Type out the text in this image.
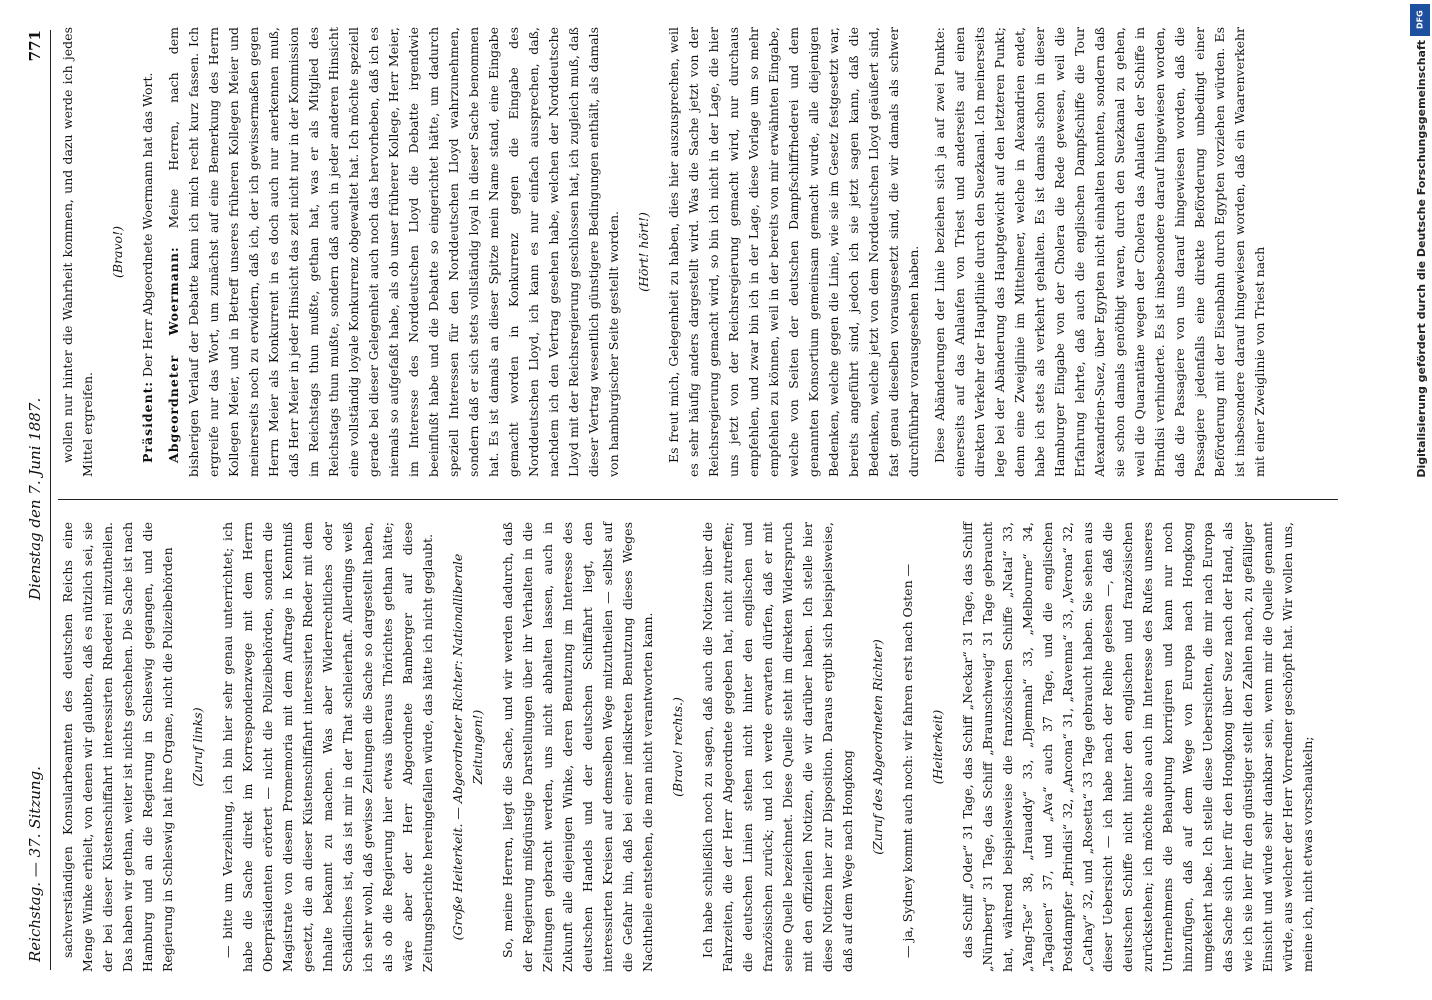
Reichstag. — 37. Sitzung.
Dienstag den 7. Juni 1887.
771

sachverständigen Konsularbeamten des deutschen Reichs eine Menge Winke erhielt, von denen wir glaubten, daß es nützlich sei, sie der bei dieser Küstenschiffahrt interessirten Rhederei mitzutheilen. Das haben wir gethan, weiter ist nichts geschehen. Die Sache ist nach Hamburg und an die Regierung in Schleswig gegangen, und die Regierung in Schleswig hat ihre Organe, nicht die Polizeibehörden (Zuruf links) — bitte um Verzeihung, ich bin hier sehr genau unterrichtet; ich habe die Sache direkt im Korrespondenzwege mit dem Herrn Oberpräsidenten erörtert — nicht die Polizeibehörden, sondern die Magistrate von diesem Promemoria mit dem Auftrage in Kenntniß gesetzt, die an dieser Küstenschiffahrt interessirten Rheder mit dem Inhalte bekannt zu machen. Was aber Widerrechtliches oder Schädliches ist, das ist mir in der That schleierhaft. Allerdings weiß ich sehr wohl, daß gewisse Zeitungen die Sache so dargestellt haben, als ob die Regierung hier etwas überaus Thörichtes gethan hätte; wäre aber der Herr Abgeordnete Bamberger auf diese Zeitungsberichte hereingefallen würde, das hätte ich nicht geglaubt. (Große Heiterkeit. — Abgeordneter Richter: Nationalliberale Zeitungen!) So, meine Herren, liegt die Sache, und wir werden dadurch, daß der Regierung mißgünstige Darstellungen über ihr Verhalten in die Zeitungen gebracht werden, uns nicht abhalten lassen, auch in Zukunft alle diejenigen Winke, deren Benutzung im Interesse des deutschen Handels und der deutschen Schiffahrt liegt, den interessirten Kreisen auf demselben Wege mitzutheilen — selbst auf die Gefahr hin, daß bei einer indiskreten Benutzung dieses Weges Nachtheile entstehen, die man nicht verantworten kann. (Bravo! rechts.) Ich habe schließlich noch zu sagen, daß auch die Notizen über die Fahrzeiten, die der Herr Abgeordnete gegeben hat, nicht zutreffen; die deutschen Linien stehen nicht hinter den englischen und französischen zurück; und ich werde erwarten dürfen, daß er mit seine Quelle bezeichnet. Diese Quelle steht im direkten Widerspruch mit den offiziellen Notizen, die wir darüber haben. Ich stelle hier diese Notizen hier zur Disposition. Daraus ergibt sich beispielsweise, daß auf dem Wege nach Hongkong

(Zuruf des Abgeordneten Richter) — ja, Sydney kommt auch noch: wir fahren erst nach Osten — (Heiterkeit) das Schiff „Oder“ 31 Tage, das Schiff „Neckar“ 31 Tage, das Schiff „Nürnberg“ 31 Tage, das Schiff „Braunschweig“ 31 Tage gebraucht hat, während beispielsweise die französischen Schiffe „Natal“ 33, „Yang-Tse“ 38, „Irauaddy“ 33, „Djemnah“ 33, „Melbourne“ 34, „Tagaloen“ 37, und „Ava“ auch 37 Tage, und die englischen Postdampfer „Brindisi“ 32, „Ancona“ 31, „Ravenna“ 33, „Verona“ 32, „Cathay“ 32, und „Rosetta“ 33 Tage gebraucht haben. Sie sehen aus dieser Uebersicht — ich habe nach der Reihe gelesen —, daß die deutschen Schiffe nicht hinter den englischen und französischen zurückstehen; ich möchte also auch im Interesse des Rufes unseres Unternehmens die Behauptung korrigiren und kann nur noch hinzufügen, daß auf dem Wege von Europa nach Hongkong umgekehrt habe. Ich stelle diese Uebersichten, die mir nach Europa das Sache sich hier für den Hongkong über Suez nach der Hand, als wie ich sie hier für den günstiger stellt den Zahlen nach, zu gefälliger Einsicht und würde sehr dankbar sein, wenn mir die Quelle genannt würde, aus welcher der Herr Vorredner geschöpft hat. Wir wollen uns, meine ich, nicht etwas vorschaukeln;

wollen nur hinter die Wahrheit kommen, und dazu werde ich jedes Mittel ergreifen.

(Bravo!)

Präsident: Der Herr Abgeordnete Woermann hat das Wort. Abgeordneter Woermann: Meine Herren, nach dem bisherigen Verlauf der Debatte kann ich mich recht kurz fassen. Ich ergreife nur das Wort, um zunächst auf eine Bemerkung des Herrn Kollegen Meier, und in Betreff unseres früheren Kollegen Meier und meinerseits noch zu erwidern, daß ich, der ich gewissermaßen gegen Herrn Meier als Konkurrent in es doch auch nur anerkennen muß, daß Herr Meier in jeder Hinsicht das zeit nicht nur in der Kommission im Reichstags thun mußte, gethan hat, was er als Mitglied des Reichstags thun mußte, sondern daß auch in jeder anderen Hinsicht eine vollständig loyale Konkurrenz obgewaltet hat. Ich möchte speziell gerade bei dieser Gelegenheit auch noch das hervorheben, daß ich es niemals so aufgefaßt habe, als ob unser früherer Kollege, Herr Meier, im Interesse des Norddeutschen Lloyd die Debatte irgendwie beeinflußt habe und die Debatte so eingerichtet hätte, um dadurch speziell Interessen für den Norddeutschen Lloyd wahrzunehmen, sondern daß er sich stets vollständig loyal in dieser Sache benommen hat. Es ist damals an dieser Spitze mein Name stand, eine Eingabe gemacht worden in Konkurrenz gegen die Eingabe des Norddeutschen Lloyd, ich kann es nur einfach aussprechen, daß, nachdem ich den Vertrag gesehen habe, welchen der Norddeutsche Lloyd mit der Reichsregierung geschlossen hat, ich zugleich muß, daß dieser Vertrag wesentlich günstigere Bedingungen enthält, als damals von hamburgischer Seite gestellt worden. (Hört! hört!) Es freut mich, Gelegenheit zu haben, dies hier auszusprechen, weil es sehr häufig anders dargestellt wird. Was die Sache jetzt von der Reichsregierung gemacht wird, so bin ich nicht in der Lage, die hier uns jetzt von der Reichsregierung gemacht wird, nur durchaus empfehlen, und zwar bin ich in der Lage, diese Vorlage um so mehr empfehlen zu können, weil in der bereits von mir erwähnten Eingabe, welche von Seiten der deutschen Dampfschiffrhederei und dem genannten Konsortium gemeinsam gemacht wurde, alle diejenigen Bedenken, welche gegen die Linie, wie sie im Gesetz festgesetzt war, bereits angeführt sind, jedoch ich sie jetzt sagen kann, daß die Bedenken, welche jetzt von dem Norddeutschen Lloyd geäußert sind, fast genau dieselben vorausgesetzt sind, die wir damals als schwer durchführbar vorausgesehen haben. Diese Abänderungen der Linie beziehen sich ja auf zwei Punkte: einerseits auf das Anlaufen von Triest und anderseits auf einen direkten Verkehr der Hauptlinie durch den Suezkanal. Ich meinerseits lege bei der Abänderung das Hauptgewicht auf den letzteren Punkt; denn eine Zweiglinie im Mittelmeer, welche in Alexandrien endet, habe ich stets als verkehrt gehalten. Es ist damals schon in dieser Hamburger Eingabe von der Cholera die Rede gewesen, weil die Erfahrung lehrte, daß auch die englischen Dampfschiffe die Tour Alexandrien-Suez, über Egypten nicht einhalten konnten, sondern daß sie schon damals genöthigt waren, durch den Suezkanal zu gehen, weil die Quarantäne wegen der Cholera das Anlaufen der Schiffe in Brindisi verhinderte. Es ist insbesondere darauf hingewiesen worden, daß die Passagiere von uns darauf hingewiesen worden, daß die Passagiere jedenfalls eine direkte Beförderung unbedingt einer Beförderung mit der Eisenbahn durch Egypten vorziehen würden. Es ist insbesondere darauf hingewiesen worden, daß ein Waarenverkehr mit einer Zweiglinie von Triest nach

DFG
Digitalisierung gefördert durch die Deutsche Forschungsgemeinschaft
